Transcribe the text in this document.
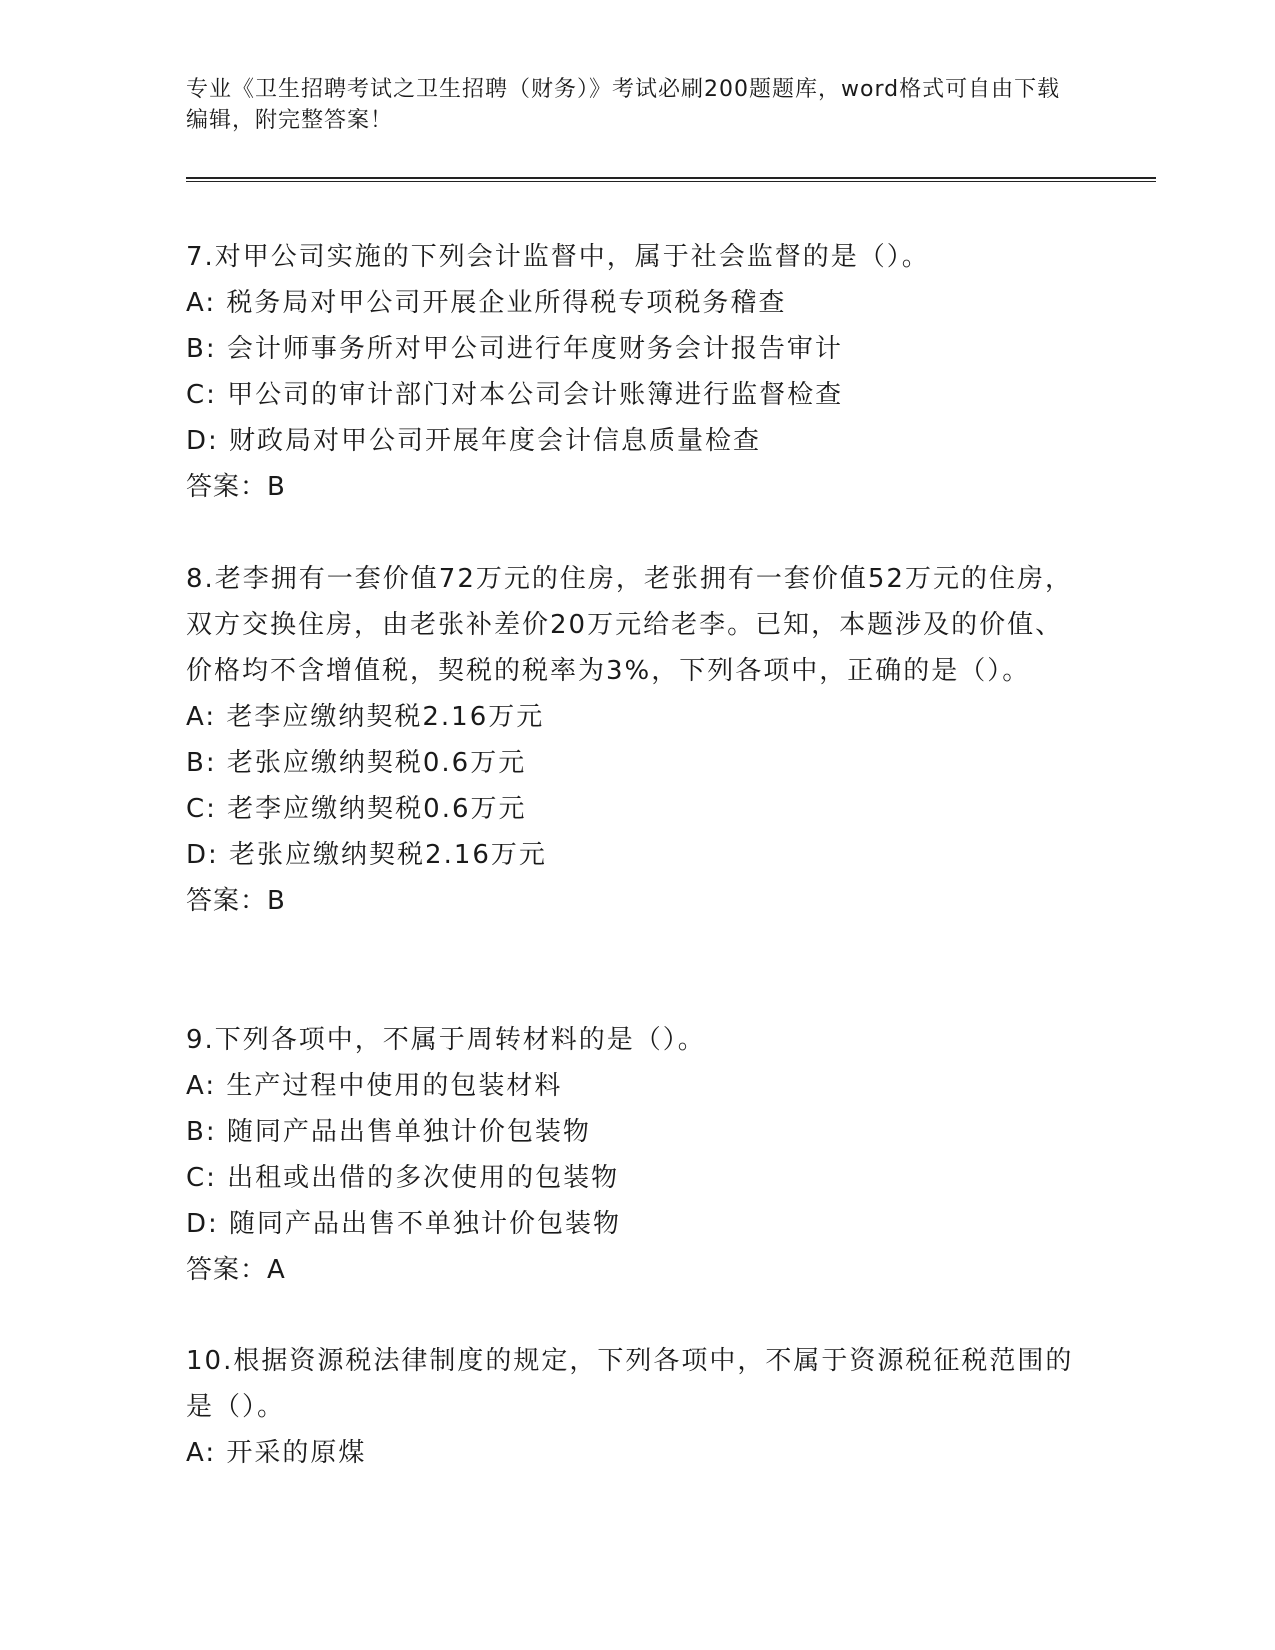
专业《卫生招聘考试之卫生招聘（财务）》考试必刷200题题库，word格式可自由下载编辑，附完整答案！
7.对甲公司实施的下列会计监督中，属于社会监督的是（）。
A: 税务局对甲公司开展企业所得税专项税务稽查
B: 会计师事务所对甲公司进行年度财务会计报告审计
C: 甲公司的审计部门对本公司会计账簿进行监督检查
D: 财政局对甲公司开展年度会计信息质量检查
答案：B
8.老李拥有一套价值72万元的住房，老张拥有一套价值52万元的住房，双方交换住房，由老张补差价20万元给老李。已知，本题涉及的价值、价格均不含增值税，契税的税率为3%，下列各项中，正确的是（）。
A: 老李应缴纳契税2.16万元
B: 老张应缴纳契税0.6万元
C: 老李应缴纳契税0.6万元
D: 老张应缴纳契税2.16万元
答案：B
9.下列各项中，不属于周转材料的是（）。
A: 生产过程中使用的包装材料
B: 随同产品出售单独计价包装物
C: 出租或出借的多次使用的包装物
D: 随同产品出售不单独计价包装物
答案：A
10.根据资源税法律制度的规定，下列各项中，不属于资源税征税范围的是（）。
A: 开采的原煤
